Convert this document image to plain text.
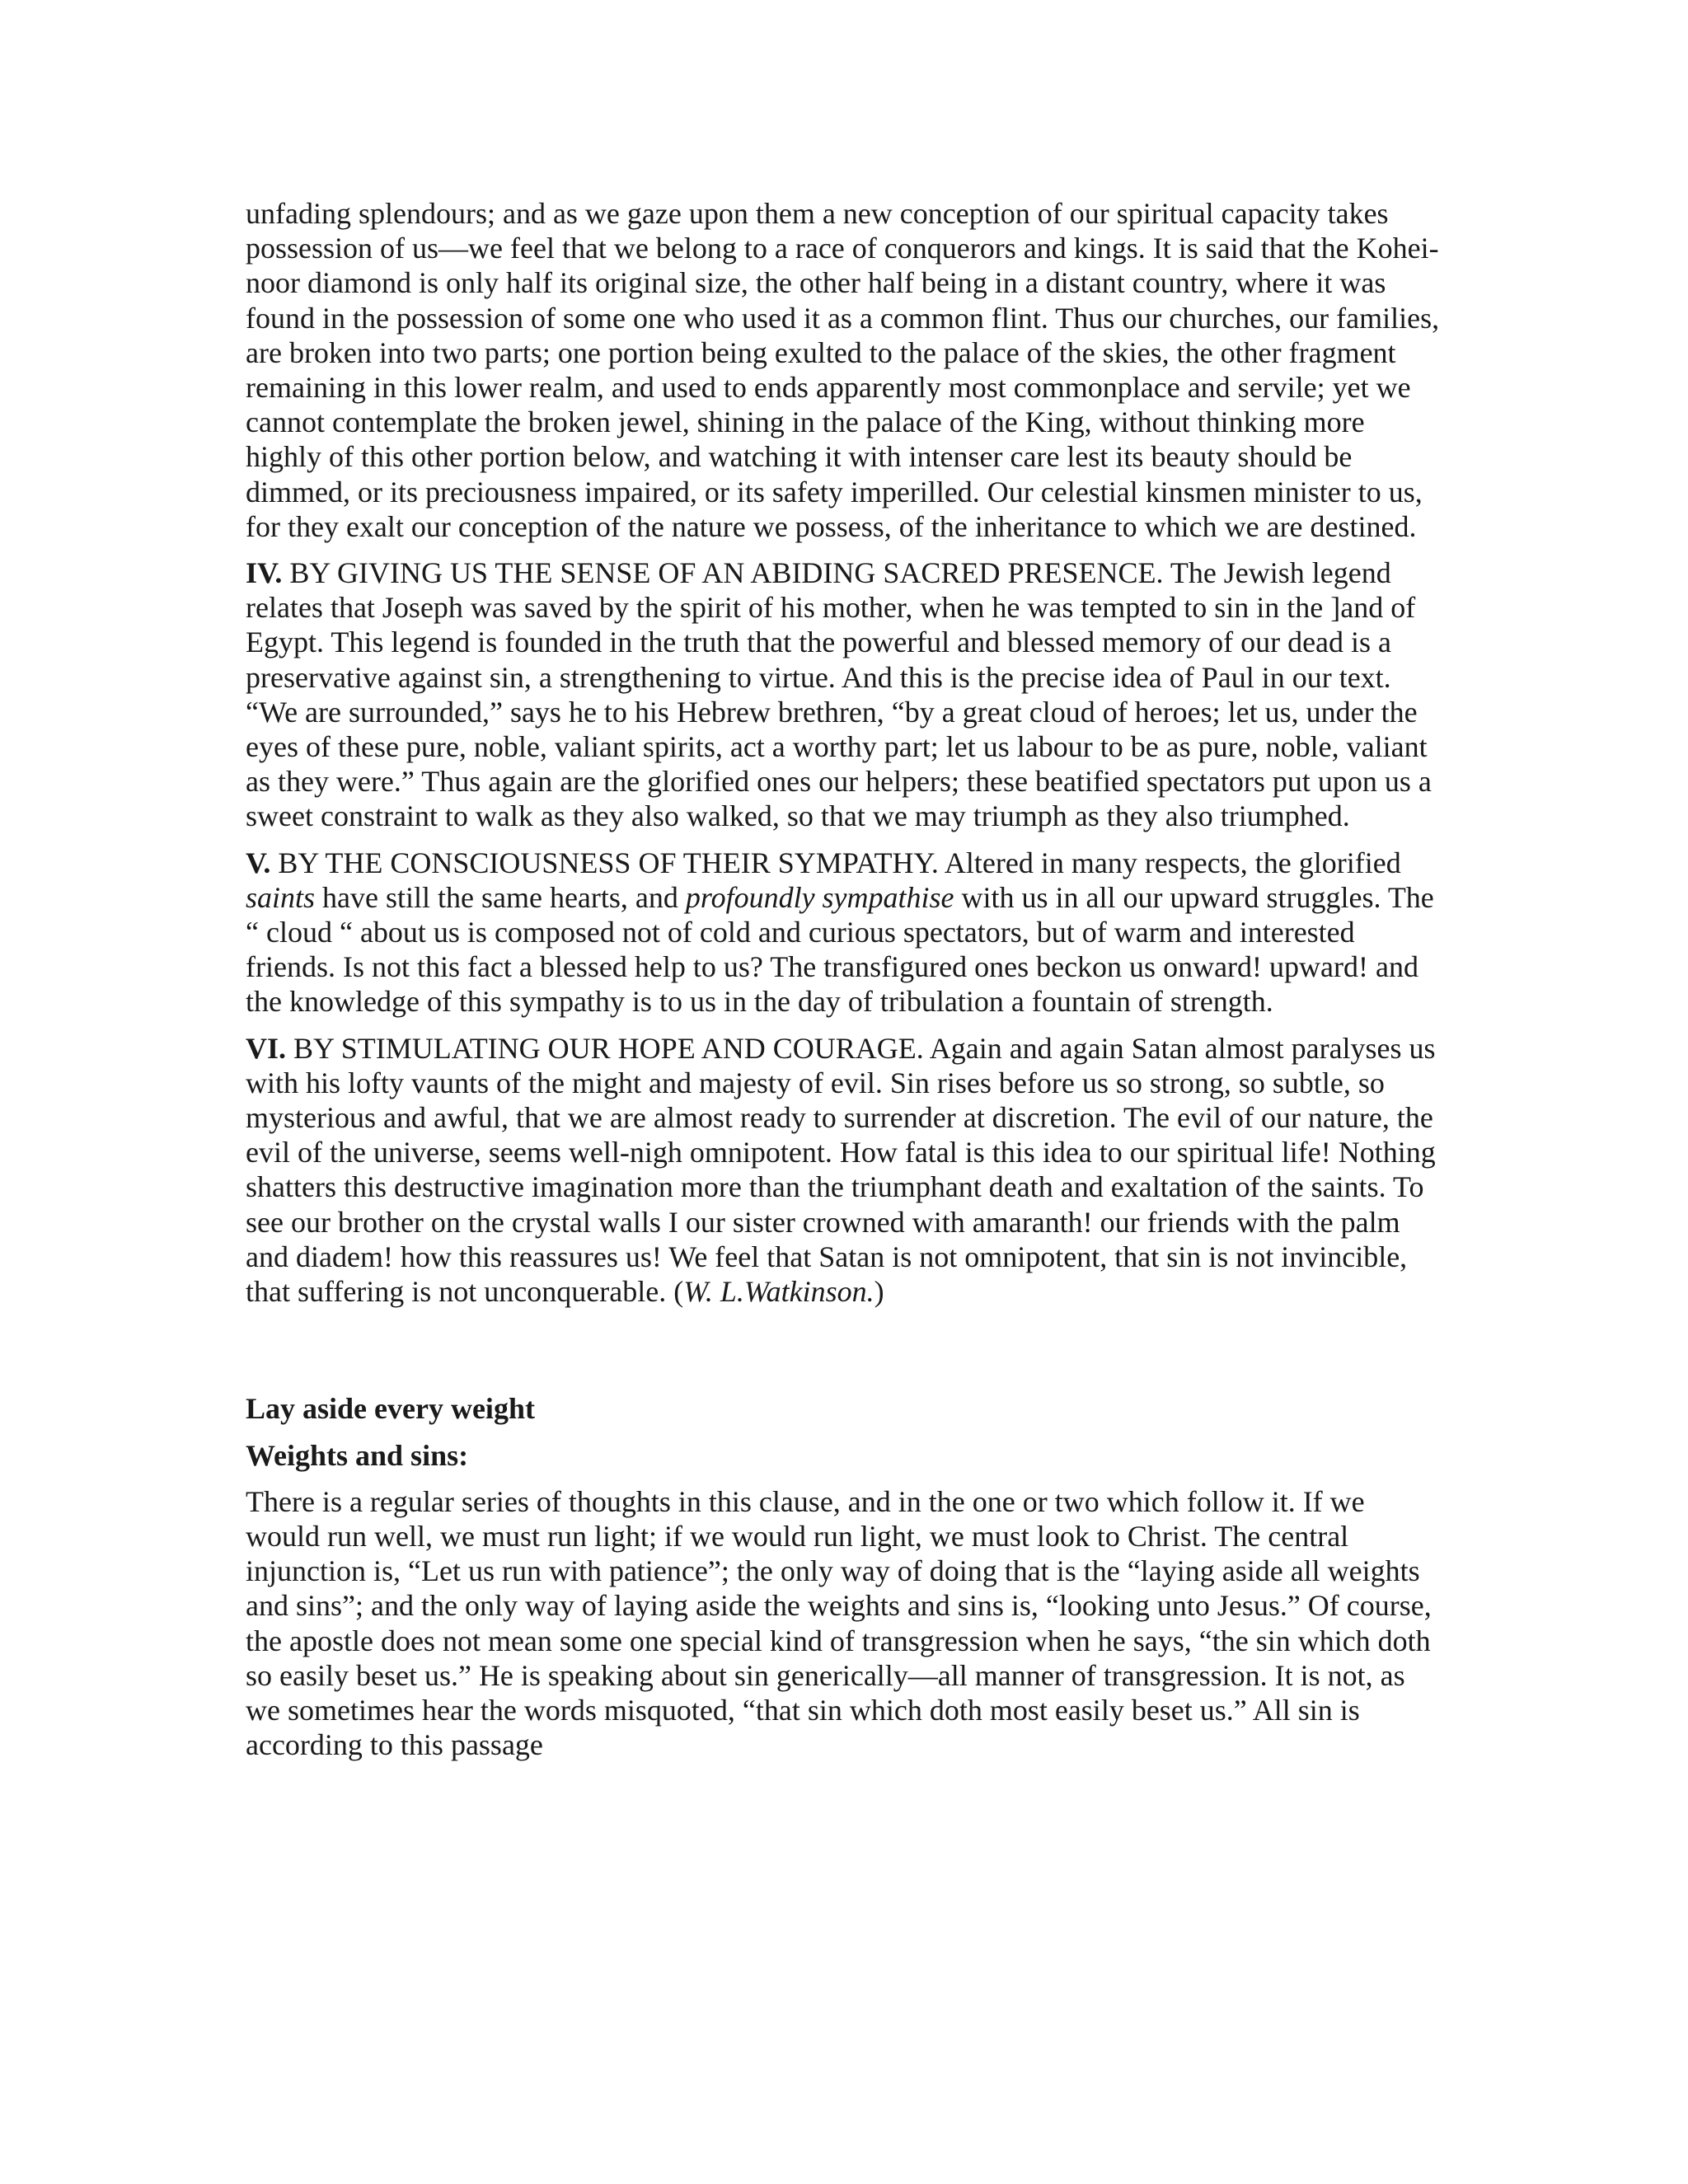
unfading splendours; and as we gaze upon them a new conception of our spiritual capacity takes possession of us—we feel that we belong to a race of conquerors and kings. It is said that the Kohei-noor diamond is only half its original size, the other half being in a distant country, where it was found in the possession of some one who used it as a common flint. Thus our churches, our families, are broken into two parts; one portion being exulted to the palace of the skies, the other fragment remaining in this lower realm, and used to ends apparently most commonplace and servile; yet we cannot contemplate the broken jewel, shining in the palace of the King, without thinking more highly of this other portion below, and watching it with intenser care lest its beauty should be dimmed, or its preciousness impaired, or its safety imperilled. Our celestial kinsmen minister to us, for they exalt our conception of the nature we possess, of the inheritance to which we are destined.

IV. BY GIVING US THE SENSE OF AN ABIDING SACRED PRESENCE. The Jewish legend relates that Joseph was saved by the spirit of his mother, when he was tempted to sin in the ]and of Egypt. This legend is founded in the truth that the powerful and blessed memory of our dead is a preservative against sin, a strengthening to virtue. And this is the precise idea of Paul in our text. “We are surrounded,” says he to his Hebrew brethren, “by a great cloud of heroes; let us, under the eyes of these pure, noble, valiant spirits, act a worthy part; let us labour to be as pure, noble, valiant as they were.” Thus again are the glorified ones our helpers; these beatified spectators put upon us a sweet constraint to walk as they also walked, so that we may triumph as they also triumphed.

V. BY THE CONSCIOUSNESS OF THEIR SYMPATHY. Altered in many respects, the glorified saints have still the same hearts, and profoundly sympathise with us in all our upward struggles. The “ cloud “ about us is composed not of cold and curious spectators, but of warm and interested friends. Is not this fact a blessed help to us? The transfigured ones beckon us onward! upward! and the knowledge of this sympathy is to us in the day of tribulation a fountain of strength.

VI. BY STIMULATING OUR HOPE AND COURAGE. Again and again Satan almost paralyses us with his lofty vaunts of the might and majesty of evil. Sin rises before us so strong, so subtle, so mysterious and awful, that we are almost ready to surrender at discretion. The evil of our nature, the evil of the universe, seems well-nigh omnipotent. How fatal is this idea to our spiritual life! Nothing shatters this destructive imagination more than the triumphant death and exaltation of the saints. To see our brother on the crystal walls I our sister crowned with amaranth! our friends with the palm and diadem! how this reassures us! We feel that Satan is not omnipotent, that sin is not invincible, that suffering is not unconquerable. (W. L.Watkinson.)

Lay aside every weight

Weights and sins:

There is a regular series of thoughts in this clause, and in the one or two which follow it. If we would run well, we must run light; if we would run light, we must look to Christ. The central injunction is, “Let us run with patience”; the only way of doing that is the “laying aside all weights and sins”; and the only way of laying aside the weights and sins is, “looking unto Jesus.” Of course, the apostle does not mean some one special kind of transgression when he says, “the sin which doth so easily beset us.” He is speaking about sin generically—all manner of transgression. It is not, as we sometimes hear the words misquoted, “that sin which doth most easily beset us.” All sin is according to this passage
